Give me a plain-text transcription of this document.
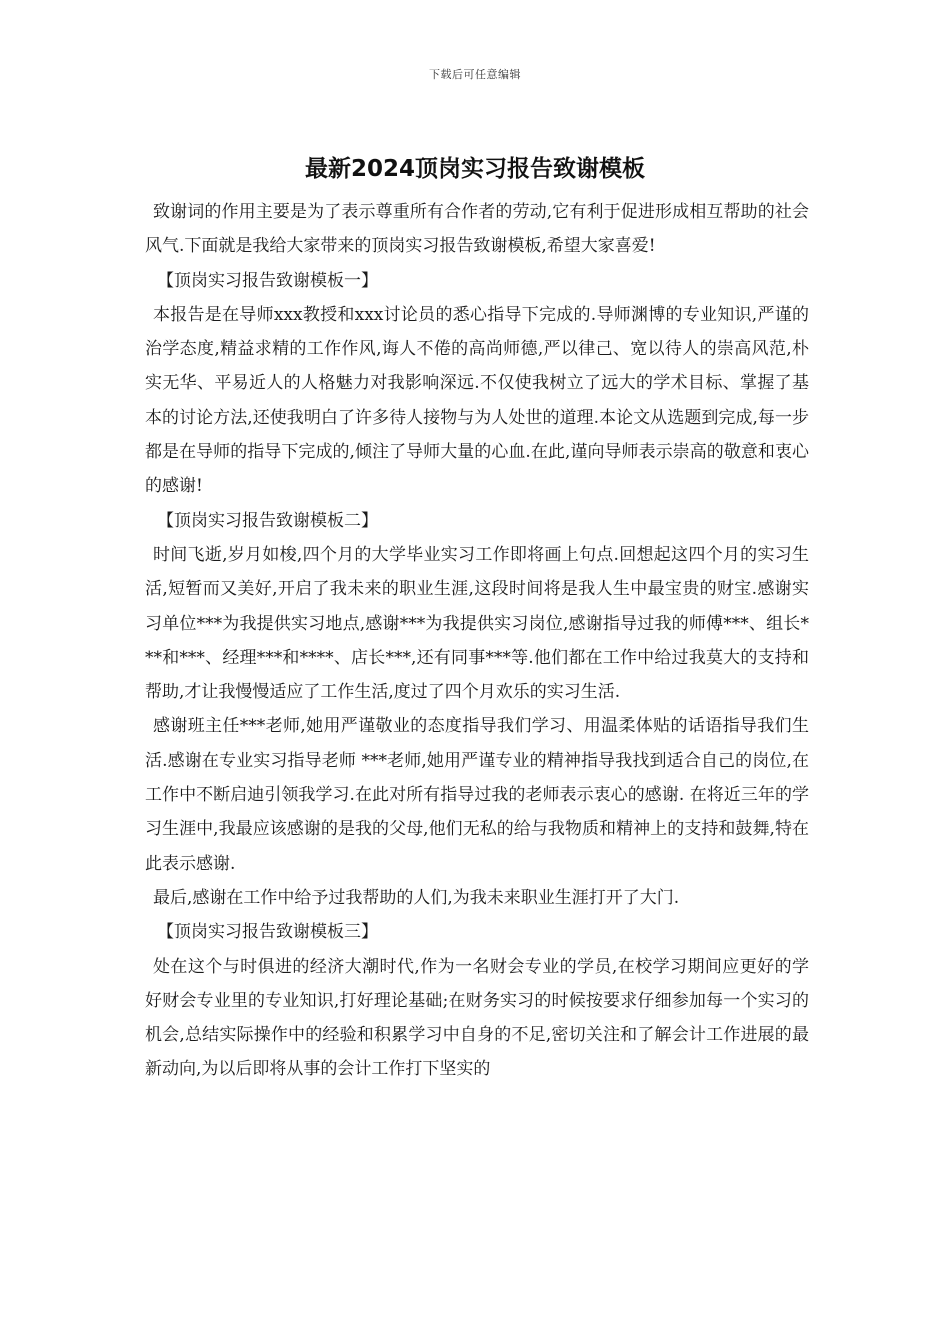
下载后可任意编辑
最新2024顶岗实习报告致谢模板

致谢词的作用主要是为了表示尊重所有合作者的劳动,它有利于促进形成相互帮助的社会风气.下面就是我给大家带来的顶岗实习报告致谢模板,希望大家喜爱!

【顶岗实习报告致谢模板一】

本报告是在导师xxx教授和xxx讨论员的悉心指导下完成的.导师渊博的专业知识,严谨的治学态度,精益求精的工作作风,诲人不倦的高尚师德,严以律己、宽以待人的崇高风范,朴实无华、平易近人的人格魅力对我影响深远.不仅使我树立了远大的学术目标、掌握了基本的讨论方法,还使我明白了许多待人接物与为人处世的道理.本论文从选题到完成,每一步都是在导师的指导下完成的,倾注了导师大量的心血.在此,谨向导师表示崇高的敬意和衷心的感谢!

【顶岗实习报告致谢模板二】

时间飞逝,岁月如梭,四个月的大学毕业实习工作即将画上句点.回想起这四个月的实习生活,短暂而又美好,开启了我未来的职业生涯,这段时间将是我人生中最宝贵的财宝.感谢实习单位***为我提供实习地点,感谢***为我提供实习岗位,感谢指导过我的师傅***、组长***和***、经理***和****、店长***,还有同事***等.他们都在工作中给过我莫大的支持和帮助,才让我慢慢适应了工作生活,度过了四个月欢乐的实习生活.

感谢班主任***老师,她用严谨敬业的态度指导我们学习、用温柔体贴的话语指导我们生活.感谢在专业实习指导老师 ***老师,她用严谨专业的精神指导我找到适合自己的岗位,在工作中不断启迪引领我学习.在此对所有指导过我的老师表示衷心的感谢. 在将近三年的学习生涯中,我最应该感谢的是我的父母,他们无私的给与我物质和精神上的支持和鼓舞,特在此表示感谢.

最后,感谢在工作中给予过我帮助的人们,为我未来职业生涯打开了大门.

【顶岗实习报告致谢模板三】

处在这个与时俱进的经济大潮时代,作为一名财会专业的学员,在校学习期间应更好的学好财会专业里的专业知识,打好理论基础;在财务实习的时候按要求仔细参加每一个实习的机会,总结实际操作中的经验和积累学习中自身的不足,密切关注和了解会计工作进展的最新动向,为以后即将从事的会计工作打下坚实的
